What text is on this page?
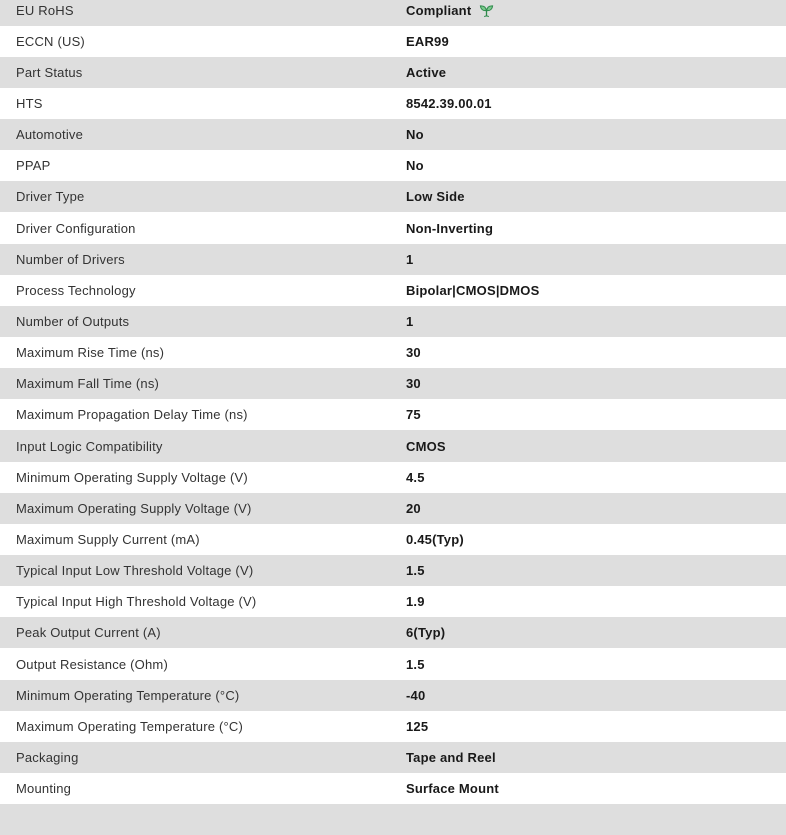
EU RoHS	Compliant
ECCN (US)	EAR99
Part Status	Active
HTS	8542.39.00.01
Automotive	No
PPAP	No
Driver Type	Low Side
Driver Configuration	Non-Inverting
Number of Drivers	1
Process Technology	Bipolar|CMOS|DMOS
Number of Outputs	1
Maximum Rise Time (ns)	30
Maximum Fall Time (ns)	30
Maximum Propagation Delay Time (ns)	75
Input Logic Compatibility	CMOS
Minimum Operating Supply Voltage (V)	4.5
Maximum Operating Supply Voltage (V)	20
Maximum Supply Current (mA)	0.45(Typ)
Typical Input Low Threshold Voltage (V)	1.5
Typical Input High Threshold Voltage (V)	1.9
Peak Output Current (A)	6(Typ)
Output Resistance (Ohm)	1.5
Minimum Operating Temperature (°C)	-40
Maximum Operating Temperature (°C)	125
Packaging	Tape and Reel
Mounting	Surface Mount
